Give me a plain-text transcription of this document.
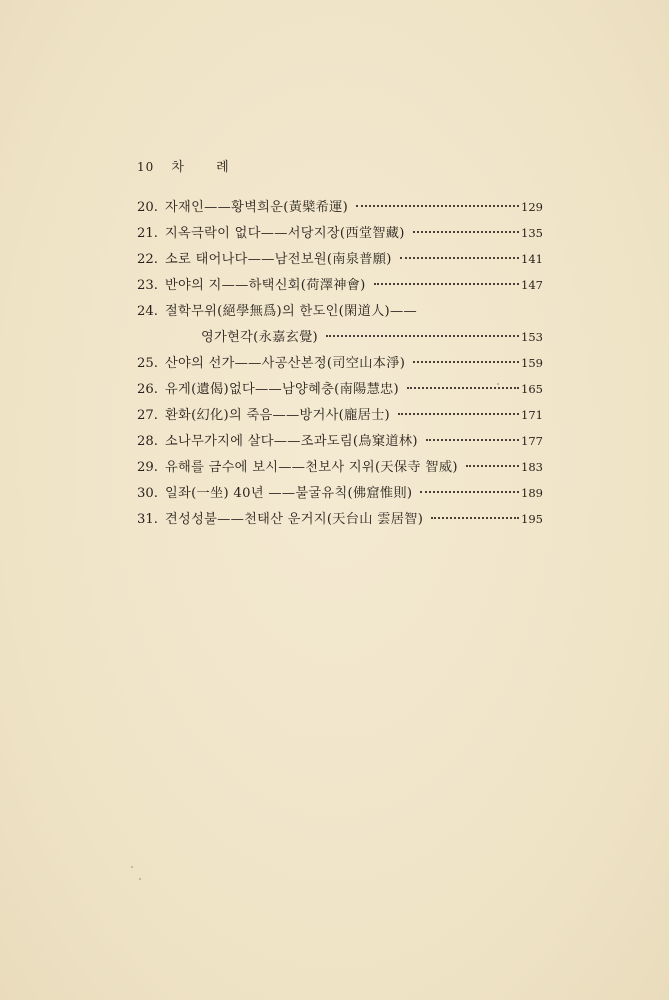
10 차 례
20. 자재인——황벽희운(黃檗希運)	129
21. 지옥극락이 없다——서당지장(西堂智藏)	135
22. 소로 태어나다——남전보원(南泉普願)	141
23. 반야의 지——하택신회(荷澤神會)	147
24. 절학무위(絕學無爲)의 한도인(閑道人)——
영가현각(永嘉玄覺)	153
25. 산야의 선가——사공산본정(司空山本淨)	159
26. 유게(遺偈)없다——남양혜충(南陽慧忠)	165
27. 환화(幻化)의 죽음——방거사(龐居士)	171
28. 소나무가지에 살다——조과도림(鳥窠道林)	177
29. 유해를 금수에 보시——천보사 지위(天保寺 智威)	183
30. 일좌(一坐) 40년 ——불굴유칙(佛窟惟則)	189
31. 견성성불——천태산 운거지(天台山 雲居智)	195
